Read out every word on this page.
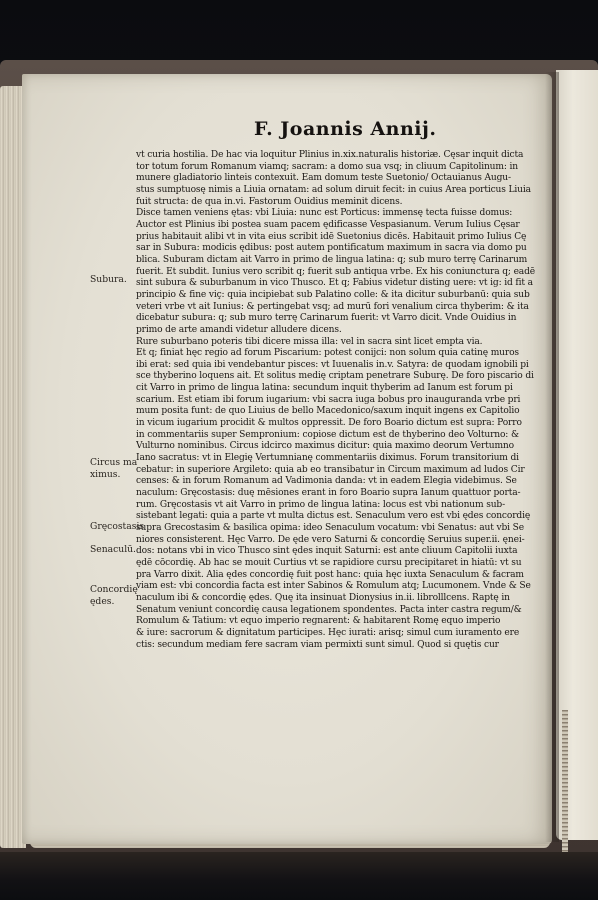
F. Joannis Annij.
vt curia hostilia. De hac via loquitur Plinius in.xix.naturalis historiæ. Cęsar inquit dicta
tor totum forum Romanum viamq; sacram: a domo sua vsq; in cliuum Capitolinum: in
munere gladiatorio linteis contexuit. Eam domum teste Suetonio/ Octauianus Augu-
stus sumptuosę nimis a Liuia ornatam: ad solum diruit fecit: in cuius Area porticus Liuia
fuit structa: de qua in.vi. Fastorum Ouidius meminit dicens.
Disce tamen veniens ętas: vbi Liuia: nunc est Porticus: immensę tecta fuisse domus:
Auctor est Plinius ibi postea suam pacem ędificasse Vespasianum. Verum Iulius Cęsar
prius habitauit alibi vt in vita eius scribit idē Suetonius dicēs. Habitauit primo Iulius Cę
sar in Subura: modicis ędibus: post autem pontificatum maximum in sacra via domo pu
blica. Suburam dictam ait Varro in primo de lingua latina: q; sub muro terrę Carinarum
fuerit. Et subdit. Iunius vero scribit q; fuerit sub antiqua vrbe. Ex his coniunctura q; eadē
sint subura & suburbanum in vico Thusco. Et q; Fabius videtur disting uere: vt ig: id fit a
principio & fine viç: quia incipiebat sub Palatino colle: & ita dicitur suburbanū: quia sub
veteri vrbe vt ait Iunius: & pertingebat vsq; ad murū fori venalium circa thyberim: & ita
dicebatur subura: q; sub muro terrę Carinarum fuerit: vt Varro dicit. Vnde Ouidius in
primo de arte amandi videtur alludere dicens.
Rure suburbano poteris tibi dicere missa illa: vel in sacra sint licet empta via.
Et q; finiat hęc regio ad forum Piscarium: potest conijci: non solum quia catinę muros
ibi erat: sed quia ibi vendebantur pisces: vt Iuuenalis in.v. Satyra: de quodam ignobili pi
sce thyberino loquens ait. Et solitus medię criptam penetrare Suburę. De foro piscario di
cit Varro in primo de lingua latina: secundum inquit thyberim ad Ianum est forum pi
scarium. Est etiam ibi forum iugarium: vbi sacra iuga bobus pro inauguranda vrbe pri
mum posita funt: de quo Liuius de bello Macedonico/saxum inquit ingens ex Capitolio
in vicum iugarium procidit & multos oppressit. De foro Boario dictum est supra: Porro
in commentariis super Sempronium: copiose dictum est de thyberino deo Volturno: &
Vulturno nominibus. Circus idcirco maximus dicitur: quia maximo deorum Vertumno
Iano sacratus: vt in Elegię Vertumnianę commentariis diximus. Forum transitorium di
cebatur: in superiore Argiletο: quia ab eo transibatur in Circum maximum ad ludos Cir
censes: & in forum Romanum ad Vadimonia danda: vt in eadem Elegia videbimus. Se
naculum: Gręcostasis: duę mēsiones erant in foro Boario supra Ianum quattuor porta-
rum. Gręcostasis vt ait Varro in primo de lingua latina: locus est vbi nationum sub-
sistebant legati: quia a parte vt multa dictus est. Senaculum vero est vbi ędes concordię
supra Grecostasim & basilica opima: ideo Senaculum vocatum: vbi Senatus: aut vbi Se
niores consisterent. Hęc Varro. De ęde vero Saturni & concordię Seruius super.ii. ęnei-
dos: notans vbi in vico Thusco sint ędes inquit Saturni: est ante cliuum Capitolii iuxta
ędē cōcordię. Ab hac se mouit Curtius vt se rapidiore cursu precipitaret in hiatū: vt su
pra Varro dixit. Alia ędes concordię fuit post hanc: quia hęc iuxta Senaculum & facram
viam est: vbi concordia facta est inter Sabinos & Romulum atq; Lucumonem. Vnde & Se
naculum ibi & concordię ędes. Quę ita insinuat Dionysius in.ii. librolllcens. Raptę in
Senatum veniunt concordię causa legationem spondentes. Pacta inter castra regum/&
Romulum & Tatium: vt equo imperio regnarent: & habitarent Romę equo imperio
& iure: sacrorum & dignitatum participes. Hęc iurati: arisq; simul cum iuramento ere
ctis: secundum mediam fere sacram viam permixti sunt simul. Quod si quętis cur
Subura.
Circus ma ximus.
Gręcostasis
Senaculū.
Concordię ędes.
